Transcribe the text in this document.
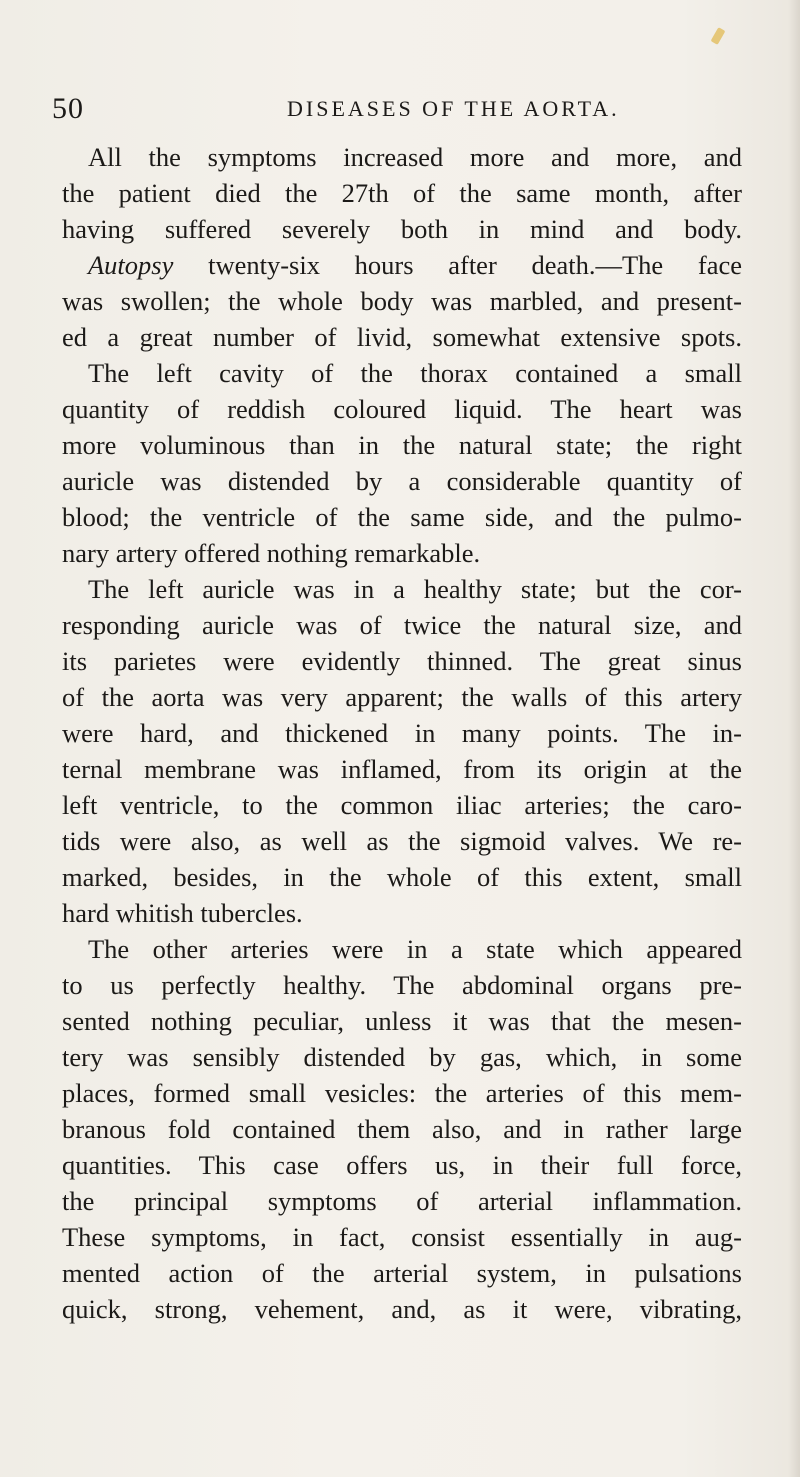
50	DISEASES OF THE AORTA.
All the symptoms increased more and more, and
the patient died the 27th of the same month, after
having suffered severely both in mind and body.
Autopsy twenty-six hours after death.—The face
was swollen; the whole body was marbled, and present-
ed a great number of livid, somewhat extensive spots.
The left cavity of the thorax contained a small
quantity of reddish coloured liquid. The heart was
more voluminous than in the natural state; the right
auricle was distended by a considerable quantity of
blood; the ventricle of the same side, and the pulmo-
nary artery offered nothing remarkable.
The left auricle was in a healthy state; but the cor-
responding auricle was of twice the natural size, and
its parietes were evidently thinned. The great sinus
of the aorta was very apparent; the walls of this artery
were hard, and thickened in many points. The in-
ternal membrane was inflamed, from its origin at the
left ventricle, to the common iliac arteries; the caro-
tids were also, as well as the sigmoid valves. We re-
marked, besides, in the whole of this extent, small
hard whitish tubercles.
The other arteries were in a state which appeared
to us perfectly healthy. The abdominal organs pre-
sented nothing peculiar, unless it was that the mesen-
tery was sensibly distended by gas, which, in some
places, formed small vesicles: the arteries of this mem-
branous fold contained them also, and in rather large
quantities. This case offers us, in their full force,
the principal symptoms of arterial inflammation.
These symptoms, in fact, consist essentially in aug-
mented action of the arterial system, in pulsations
quick, strong, vehement, and, as it were, vibrating,
